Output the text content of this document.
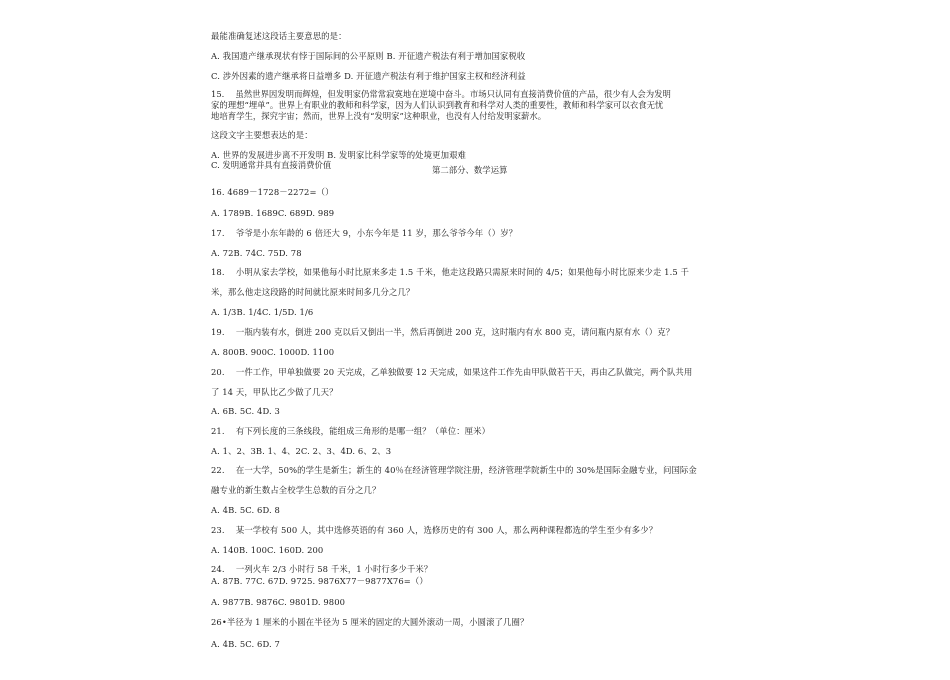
最能准确复述这段话主要意思的是：
A. 我国遗产继承现状有悖于国际间的公平原则 B. 开征遗产税法有利于增加国家税收
C. 涉外因素的遗产继承将日益增多 D. 开征遗产税法有利于维护国家主权和经济利益
15.　 虽然世界因发明而辉煌，但发明家仍常常寂寞地在逆境中奋斗。市场只认同有直接消费价值的产品，很少有人会为发明
家的理想“埋单”。世界上有职业的教师和科学家，因为人们认识到教育和科学对人类的重要性，教师和科学家可以衣食无忧
地培育学生，探究宇宙；然而，世界上没有“发明家”这种职业，也没有人付给发明家薪水。
这段文字主要想表达的是：
A. 世界的发展进步离不开发明 B. 发明家比科学家等的处境更加艰难
C. 发明通常并具有直接消费价值	第二部分、数学运算
16. 4689－1728－2272=（）
A. 1789B. 1689C. 689D. 989
17.　 爷爷是小东年龄的 6 倍还大 9，小东今年是 11 岁，那么爷爷今年（）岁？
A. 72B. 74C. 75D. 78
18.　 小明从家去学校，如果他每小时比原来多走 1.5 千米，他走这段路只需原来时间的 4/5；如果他每小时比原来少走 1.5 千
米，那么他走这段路的时间就比原来时间多几分之几？
A. 1/3B. 1/4C. 1/5D. 1/6
19.　 一瓶内装有水，倒进 200 克以后又倒出一半，然后再倒进 200 克，这时瓶内有水 800 克，请问瓶内原有水（）克？
A. 800B. 900C. 1000D. 1100
20.　 一件工作，甲单独做要 20 天完成，乙单独做要 12 天完成，如果这件工作先由甲队做若干天，再由乙队做完，两个队共用
了 14 天，甲队比乙少做了几天？
A. 6B. 5C. 4D. 3
21.　 有下列长度的三条线段，能组成三角形的是哪一组？（单位：厘米）
A. 1、2、3B. 1、4、2C. 2、3、4D. 6、2、3
22.　 在一大学，50%的学生是新生；新生的 40％在经济管理学院注册，经济管理学院新生中的 30%是国际金融专业，问国际金
融专业的新生数占全校学生总数的百分之几？
A. 4B. 5C. 6D. 8
23.　 某一学校有 500 人，其中选修英语的有 360 人，选修历史的有 300 人，那么两种课程都选的学生至少有多少？
A. 140B. 100C. 160D. 200
24.　 一列火车 2/3 小时行 58 千米，1 小时行多少千米？
A. 87B. 77C. 67D. 9725. 9876X77－9877X76=（）
A. 9877B. 9876C. 9801D. 9800
26•半径为 1 厘米的小圆在半径为 5 厘米的固定的大圆外滚动一周，小圆滚了几圈？
A. 4B. 5C. 6D. 7
